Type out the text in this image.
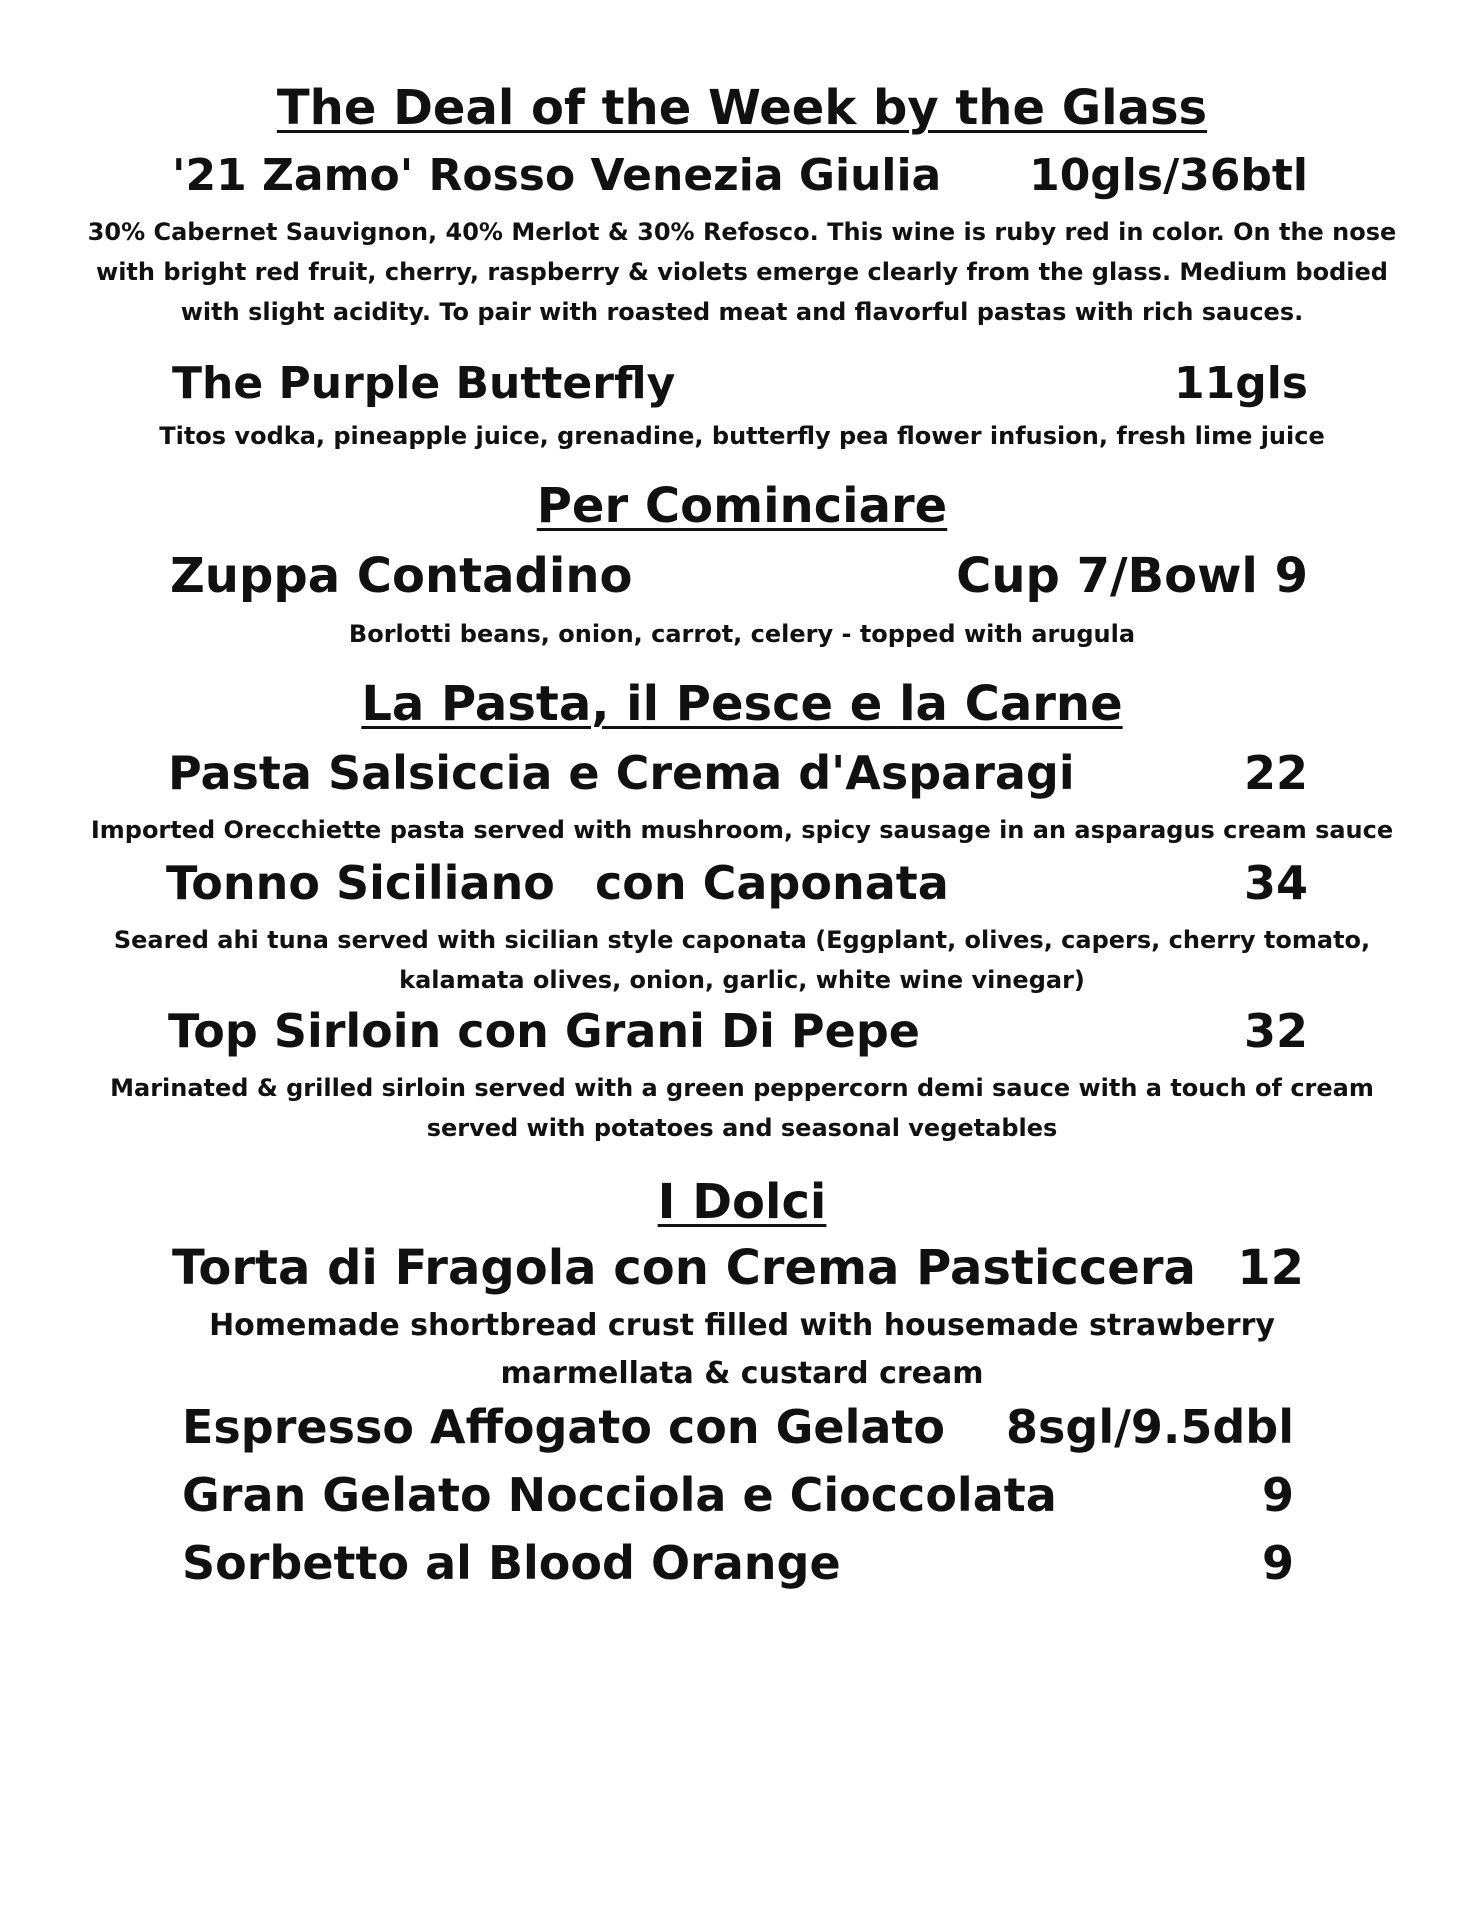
The Deal of the Week by the Glass
'21 Zamo' Rosso Venezia Giulia 10gls/36btl
30% Cabernet Sauvignon, 40% Merlot & 30% Refosco. This wine is ruby red in color. On the nose
with bright red fruit, cherry, raspberry & violets emerge clearly from the glass. Medium bodied
with slight acidity. To pair with roasted meat and flavorful pastas with rich sauces.
The Purple Butterfly	11gls
Titos vodka, pineapple juice, grenadine, butterfly pea flower infusion, fresh lime juice
Per Cominciare
Zuppa Contadino	Cup 7/Bowl 9
Borlotti beans, onion, carrot, celery - topped with arugula
La Pasta, il Pesce e la Carne
Pasta Salsiccia e Crema d'Asparagi	22
Imported Orecchiette pasta served with mushroom, spicy sausage in an asparagus cream sauce
Tonno Siciliano con Caponata	34
Seared ahi tuna served with sicilian style caponata (Eggplant, olives, capers, cherry tomato,
kalamata olives, onion, garlic, white wine vinegar)
Top Sirloin con Grani Di Pepe	32
Marinated & grilled sirloin served with a green peppercorn demi sauce with a touch of cream
served with potatoes and seasonal vegetables
I Dolci
Torta di Fragola con Crema Pasticcera 12
Homemade shortbread crust filled with housemade strawberry
marmellata & custard cream
Espresso Affogato con Gelato 8sgl/9.5dbl
Gran Gelato Nocciola e Cioccolata	9
Sorbetto al Blood Orange	9
